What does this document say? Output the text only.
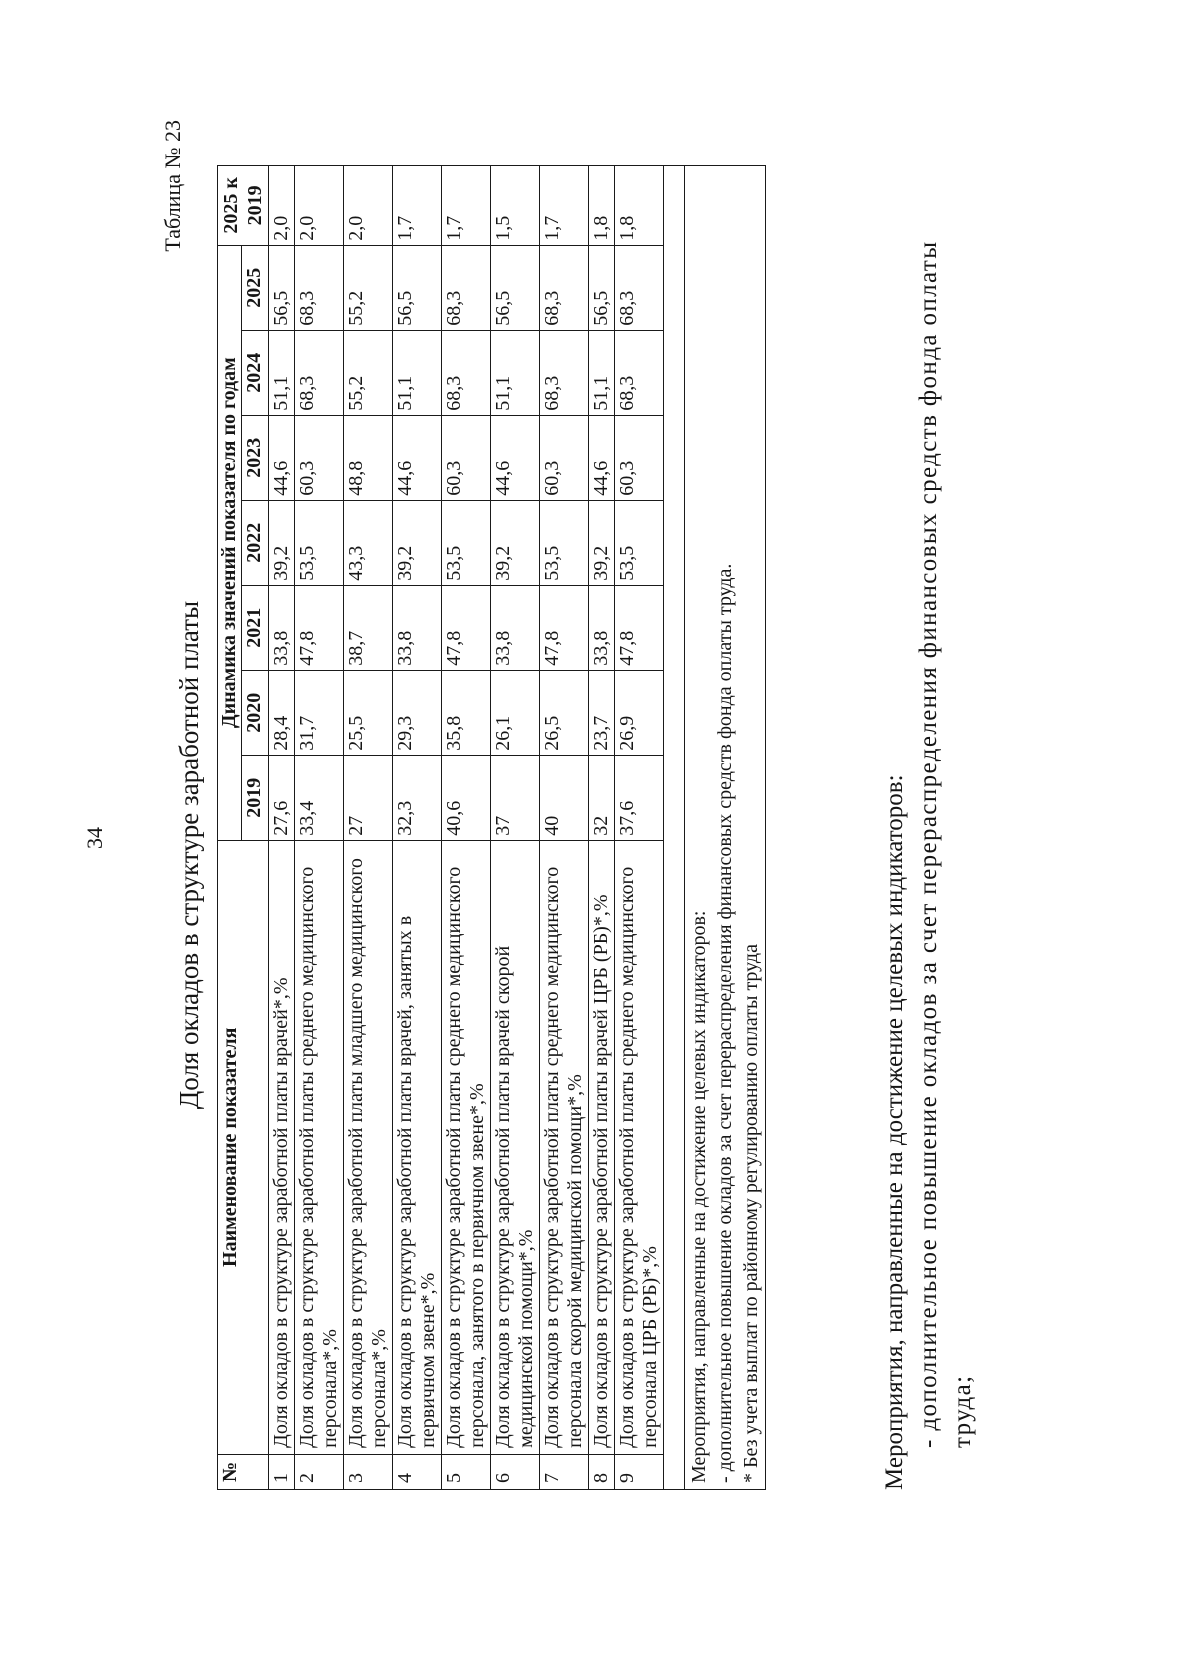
34
Таблица № 23
Доля окладов в структуре заработной платы
№	Наименование показателя	Динамика значений показателя по годам							2025 к 2019
		2019	2020	2021	2022	2023	2024	2025	
1	Доля окладов в структуре заработной платы врачей*,%	27,6	28,4	33,8	39,2	44,6	51,1	56,5	2,0
2	Доля окладов в структуре заработной платы среднего медицинского персонала*,%	33,4	31,7	47,8	53,5	60,3	68,3	68,3	2,0
3	Доля окладов в структуре заработной платы младшего медицинского персонала*,%	27	25,5	38,7	43,3	48,8	55,2	55,2	2,0
4	Доля окладов в структуре заработной платы врачей, занятых в первичном звене*,%	32,3	29,3	33,8	39,2	44,6	51,1	56,5	1,7
5	Доля окладов в структуре заработной платы среднего медицинского персонала, занятого в первичном звене*,%	40,6	35,8	47,8	53,5	60,3	68,3	68,3	1,7
6	Доля окладов в структуре заработной платы врачей скорой медицинской помощи*,%	37	26,1	33,8	39,2	44,6	51,1	56,5	1,5
7	Доля окладов в структуре заработной платы среднего медицинского персонала скорой медицинской помощи*,%	40	26,5	47,8	53,5	60,3	68,3	68,3	1,7
8	Доля окладов в структуре заработной платы врачей ЦРБ (РБ)*,%	32	23,7	33,8	39,2	44,6	51,1	56,5	1,8
9	Доля окладов в структуре заработной платы среднего медицинского персонала ЦРБ (РБ)*,%	37,6	26,9	47,8	53,5	60,3	68,3	68,3	1,8

Мероприятия, направленные на достижение целевых индикаторов: - дополнительное повышение окладов за счет перераспределения финансовых средств фонда оплаты труда. * Без учета выплат по районному регулированию оплаты труда										Мероприятия, направленные на достижение целевых индикаторов: - дополнительное повышение окладов за счет перераспределения финансовых средств фонда оплаты труда;
